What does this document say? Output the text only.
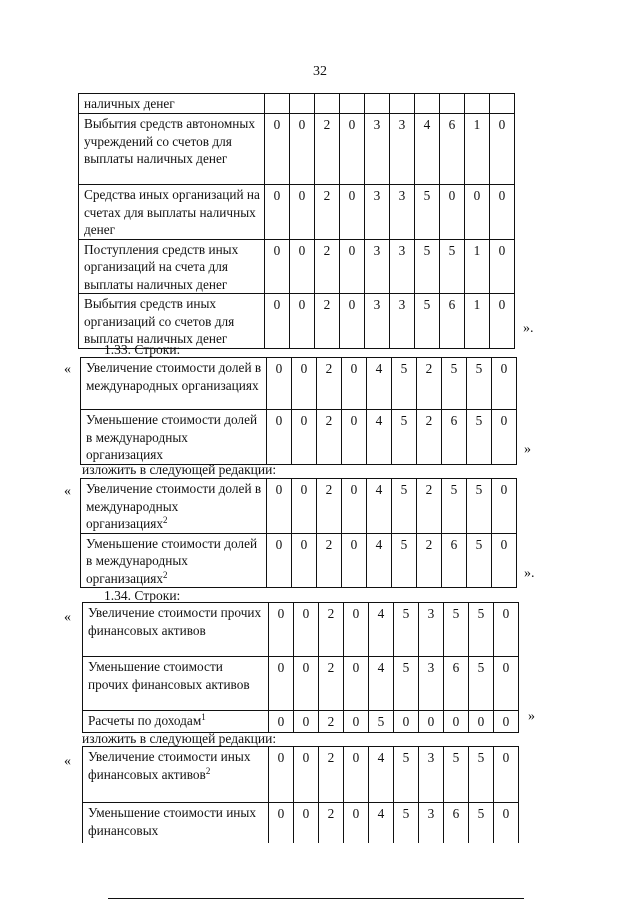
32
наличных денег										
Выбытия средств автономных учреждений со счетов для выплаты наличных денег	0	0	2	0	3	3	4	6	1	0
Средства иных организаций на счетах для выплаты наличных денег	0	0	2	0	3	3	5	0	0	0
Поступления средств иных организаций на счета для выплаты наличных денег	0	0	2	0	3	3	5	5	1	0
Выбытия средств иных организаций со счетов для выплаты наличных денег	0	0	2	0	3	3	5	6	1	0
».
1.33. Строки:
« Увеличение стоимости долей в международных организациях	0	0	2	0	4	5	2	5	5	0
Уменьшение стоимости долей в международных организациях	0	0	2	0	4	5	2	6	5	0
»
изложить в следующей редакции:
« Увеличение стоимости долей в международных организациях$^2$	0	0	2	0	4	5	2	5	5	0
Уменьшение стоимости долей в международных организациях$^2$	0	0	2	0	4	5	2	6	5	0
».
1.34. Строки:
« Увеличение стоимости прочих финансовых активов	0	0	2	0	4	5	3	5	5	0
Уменьшение стоимости прочих финансовых активов	0	0	2	0	4	5	3	6	5	0
Расчеты по доходам$^1$	0	0	2	0	5	0	0	0	0	0 »
изложить в следующей редакции:
« Увеличение стоимости иных финансовых активов$^2$	0	0	2	0	4	5	3	5	5	0
Уменьшение стоимости иных финансовых	0	0	2	0	4	5	3	6	5	0
